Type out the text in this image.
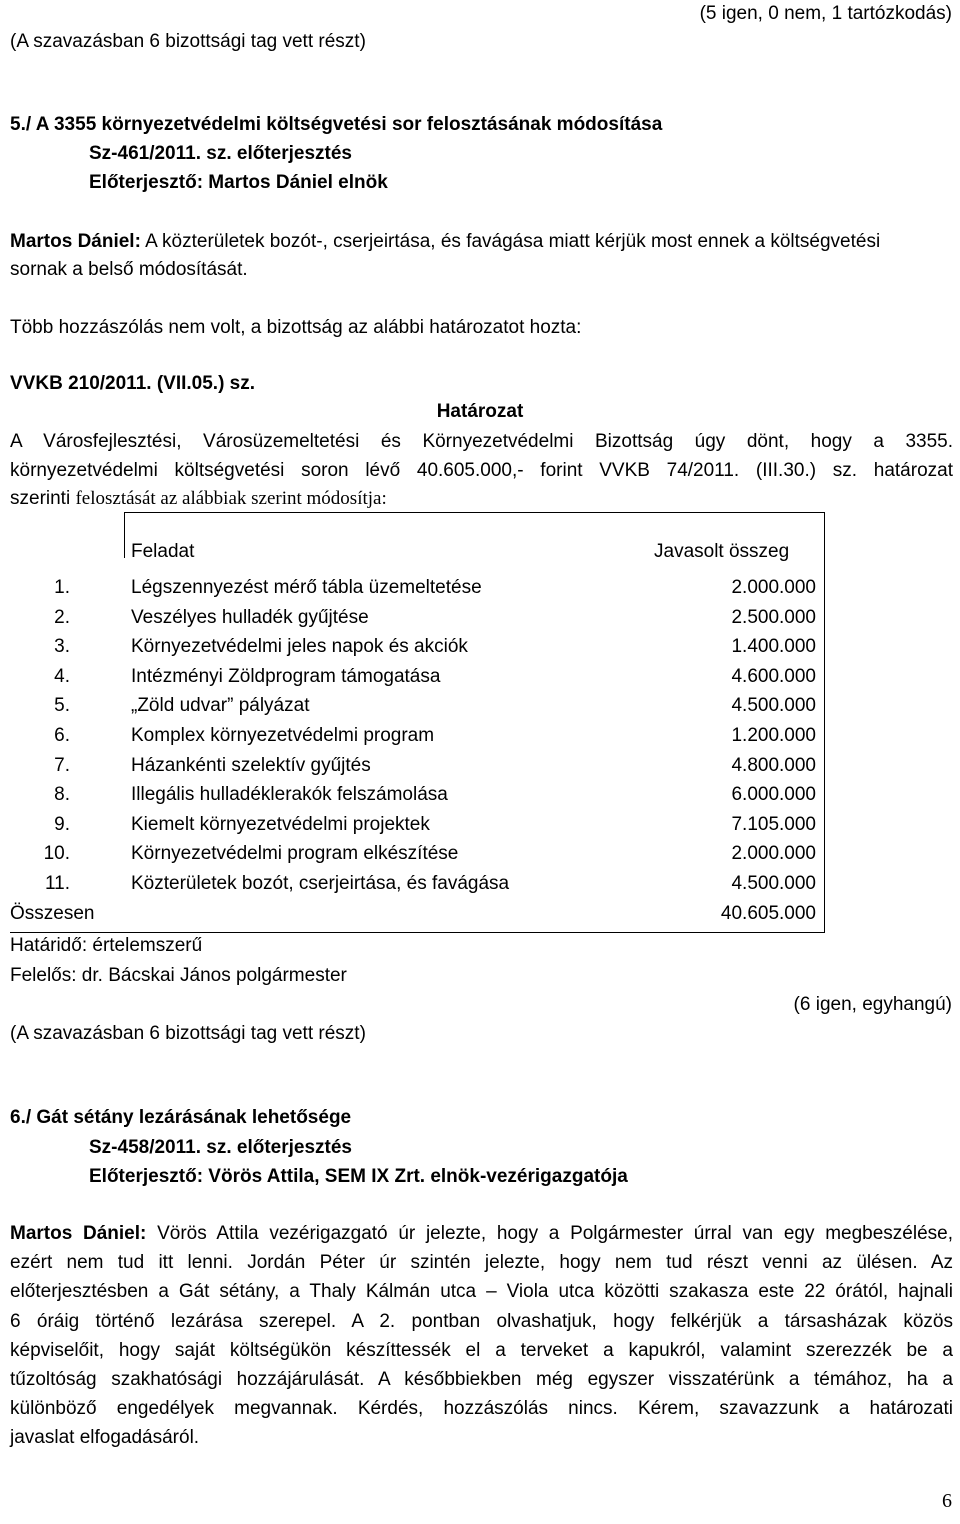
(A szavazásban 6 bizottsági tag vett részt)
(5 igen, 0 nem, 1 tartózkodás)
5./ A 3355 környezetvédelmi költségvetési sor felosztásának módosítása
Sz-461/2011. sz. előterjesztés
Előterjesztő: Martos Dániel elnök
Martos Dániel: A közterületek bozót-, cserjeirtása, és favágása miatt kérjük most ennek a költségvetési
sornak a belső módosítását.
Több hozzászólás nem volt, a bizottság az alábbi határozatot hozta:
VVKB 210/2011. (VII.05.) sz.
Határozat
A Városfejlesztési, Városüzemeltetési és Környezetvédelmi Bizottság úgy dönt, hogy a 3355.
környezetvédelmi költségvetési soron lévő 40.605.000,- forint VVKB 74/2011. (III.30.) sz. határozat
szerinti felosztását az alábbiak szerint módosítja:
Feladat	Javasolt összeg
1.	Légszennyezést mérő tábla üzemeltetése	2.000.000
2.	Veszélyes hulladék gyűjtése	2.500.000
3.	Környezetvédelmi jeles napok és akciók	1.400.000
4.	Intézményi Zöldprogram támogatása	4.600.000
5.	„Zöld udvar” pályázat	4.500.000
6.	Komplex környezetvédelmi program	1.200.000
7.	Házankénti szelektív gyűjtés	4.800.000
8.	Illegális hulladéklerakók felszámolása	6.000.000
9.	Kiemelt környezetvédelmi projektek	7.105.000
10.	Környezetvédelmi program elkészítése	2.000.000
11.	Közterületek bozót, cserjeirtása, és favágása	4.500.000
Összesen	40.605.000
Határidő: értelemszerű
Felelős: dr. Bácskai János polgármester
(6 igen, egyhangú)
(A szavazásban 6 bizottsági tag vett részt)
6./ Gát sétány lezárásának lehetősége
Sz-458/2011. sz. előterjesztés
Előterjesztő: Vörös Attila, SEM IX Zrt. elnök-vezérigazgatója
Martos Dániel: Vörös Attila vezérigazgató úr jelezte, hogy a Polgármester úrral van egy megbeszélése,
ezért nem tud itt lenni. Jordán Péter úr szintén jelezte, hogy nem tud részt venni az ülésen. Az
előterjesztésben a Gát sétány, a Thaly Kálmán utca – Viola utca közötti szakasza este 22 órától, hajnali
6 óráig történő lezárása szerepel. A 2. pontban olvashatjuk, hogy felkérjük a társasházak közös
képviselőit, hogy saját költségükön készíttessék el a terveket a kapukról, valamint szerezzék be a
tűzoltóság szakhatósági hozzájárulását. A későbbiekben még egyszer visszatérünk a témához, ha a
különböző engedélyek megvannak. Kérdés, hozzászólás nincs. Kérem, szavazzunk a határozati
javaslat elfogadásáról.
6
